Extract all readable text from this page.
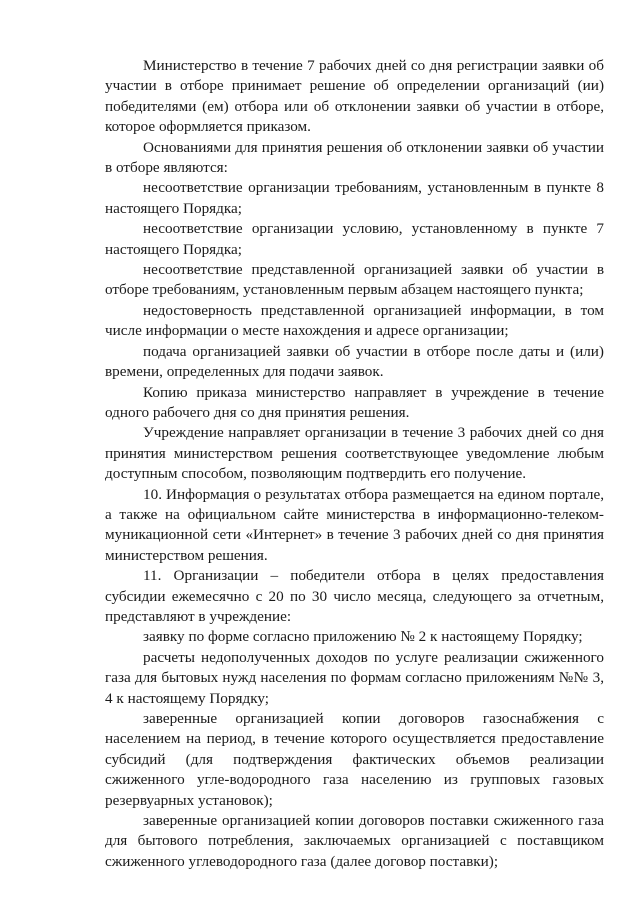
Министерство в течение 7 рабочих дней со дня регистрации заявки об участии в отборе принимает решение об определении организаций (ии) победителями (ем) отбора или об отклонении заявки об участии в отборе, которое оформляется приказом.

Основаниями для принятия решения об отклонении заявки об участии в отборе являются:

несоответствие организации требованиям, установленным в пункте 8 настоящего Порядка;

несоответствие организации условию, установленному в пункте 7 настоящего Порядка;

несоответствие представленной организацией заявки об участии в отборе требованиям, установленным первым абзацем настоящего пункта;

недостоверность представленной организацией информации, в том числе информации о месте нахождения и адресе организации;

подача организацией заявки об участии в отборе после даты и (или) времени, определенных для подачи заявок.

Копию приказа министерство направляет в учреждение в течение одного рабочего дня со дня принятия решения.

Учреждение направляет организации в течение 3 рабочих дней со дня принятия министерством решения соответствующее уведомление любым доступным способом, позволяющим подтвердить его получение.

10. Информация о результатах отбора размещается на едином портале, а также на официальном сайте министерства в информационно-телеком-муникационной сети «Интернет» в течение 3 рабочих дней со дня принятия министерством решения.

11. Организации – победители отбора в целях предоставления субсидии ежемесячно с 20 по 30 число месяца, следующего за отчетным, представляют в учреждение:

заявку по форме согласно приложению № 2 к настоящему Порядку;

расчеты недополученных доходов по услуге реализации сжиженного газа для бытовых нужд населения по формам согласно приложениям №№ 3, 4 к настоящему Порядку;

заверенные организацией копии договоров газоснабжения с населением на период, в течение которого осуществляется предоставление субсидий (для подтверждения фактических объемов реализации сжиженного угле-водородного газа населению из групповых газовых резервуарных установок);

заверенные организацией копии договоров поставки сжиженного газа для бытового потребления, заключаемых организацией с поставщиком сжиженного углеводородного газа (далее договор поставки);
